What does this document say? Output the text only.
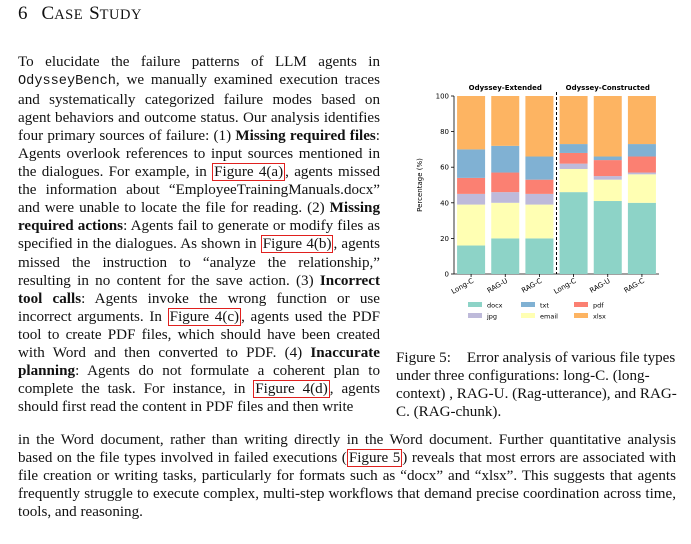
6 CASE STUDY
To elucidate the failure patterns of LLM agents in OdysseyBench, we manually examined execution traces and systematically categorized failure modes based on agent behaviors and outcome status. Our analysis identifies four primary sources of failure: (1) Missing required files: Agents overlook references to input sources mentioned in the dialogues. For example, in Figure 4(a) , agents missed the information about “EmployeeTrainingManuals.docx” and were unable to locate the file for reading. (2) Missing required actions: Agents fail to generate or modify files as specified in the dialogues. As shown in Figure 4(b) , agents missed the instruction to “analyze the relationship,” resulting in no content for the save action. (3) Incorrect tool calls: Agents invoke the wrong function or use incorrect arguments. In Figure 4(c) , agents used the PDF tool to create PDF files, which should have been created with Word and then converted to PDF. (4) Inaccurate planning: Agents do not formulate a coherent plan to complete the task. For instance, in Figure 4(d) , agents should first read the content in PDF files and then write
in the Word document, rather than writing directly in the Word document. Further quantitative analysis based on the file types involved in failed executions ( Figure 5 ) reveals that most errors are associated with file creation or writing tasks, particularly for formats such as “docx” and “xlsx”. This suggests that agents frequently struggle to execute complex, multi-step workflows that demand precise coordination across time, tools, and reasoning.
0
20
40
60
80
100
Percentage (%)
Long-C RAG-U RAG-C Long-C RAG-U RAG-C
Odyssey-Extended	Odyssey-Constructed
docx
jpg
txt
email
pdf
xlsx
Figure 5: Error analysis of various file types under three configurations: long-C. (long-context) , RAG-U. (Rag-utterance), and RAG-C. (RAG-chunk).
